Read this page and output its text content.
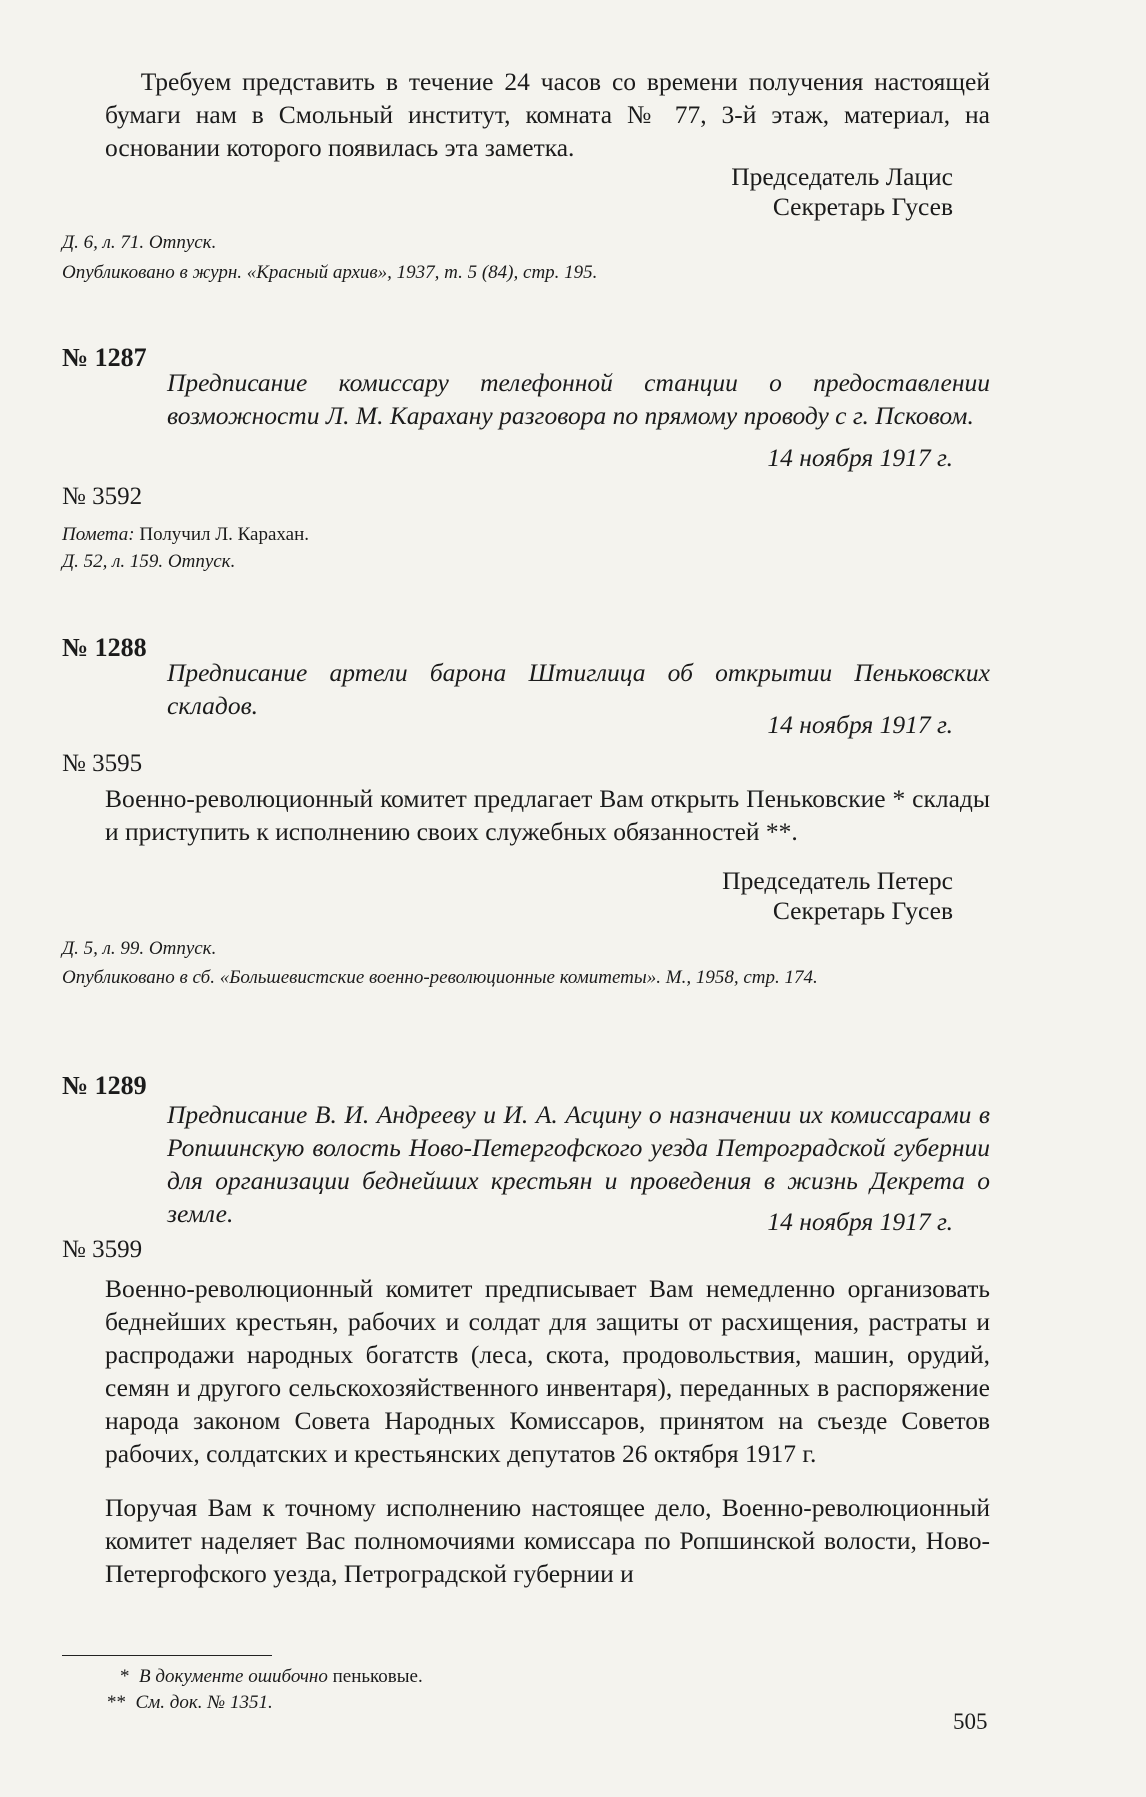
Требуем представить в течение 24 часов со времени получения настоящей бумаги нам в Смольный институт, комната № 77, 3-й этаж, материал, на основании которого появилась эта заметка.

Председатель Лацис

Секретарь Гусев

Д. 6, л. 71. Отпуск.

Опубликовано в журн. «Красный архив», 1937, т. 5 (84), стр. 195.

№ 1287

Предписание комиссару телефонной станции о предоставлении возможности Л. М. Карахану разговора по прямому проводу с г. Псковом.

14 ноября 1917 г.

№ 3592

Помета: Получил Л. Карахан.

Д. 52, л. 159. Отпуск.

№ 1288

Предписание артели барона Штиглица об открытии Пеньковских складов.

14 ноября 1917 г.

№ 3595

Военно-революционный комитет предлагает Вам открыть Пеньковские * склады и приступить к исполнению своих служебных обязанностей **.

Председатель Петерс

Секретарь Гусев

Д. 5, л. 99. Отпуск.

Опубликовано в сб. «Большевистские военно-революционные комитеты». М., 1958, стр. 174.

№ 1289

Предписание В. И. Андрееву и И. А. Асцину о назначении их комиссарами в Ропшинскую волость Ново-Петергофского уезда Петроградской губернии для организации беднейших крестьян и проведения в жизнь Декрета о земле.	14 ноября 1917 г.

№ 3599

Военно-революционный комитет предписывает Вам немедленно организовать беднейших крестьян, рабочих и солдат для защиты от расхищения, растраты и распродажи народных богатств (леса, скота, продовольствия, машин, орудий, семян и другого сельскохозяйственного инвентаря), переданных в распоряжение народа законом Совета Народных Комиссаров, принятом на съезде Советов рабочих, солдатских и крестьянских депутатов 26 октября 1917 г.

Поручая Вам к точному исполнению настоящее дело, Военно-революционный комитет наделяет Вас полномочиями комиссара по Ропшинской волости, Ново-Петергофского уезда, Петроградской губернии и

* В документе ошибочно пеньковые.

** См. док. № 1351.

505
